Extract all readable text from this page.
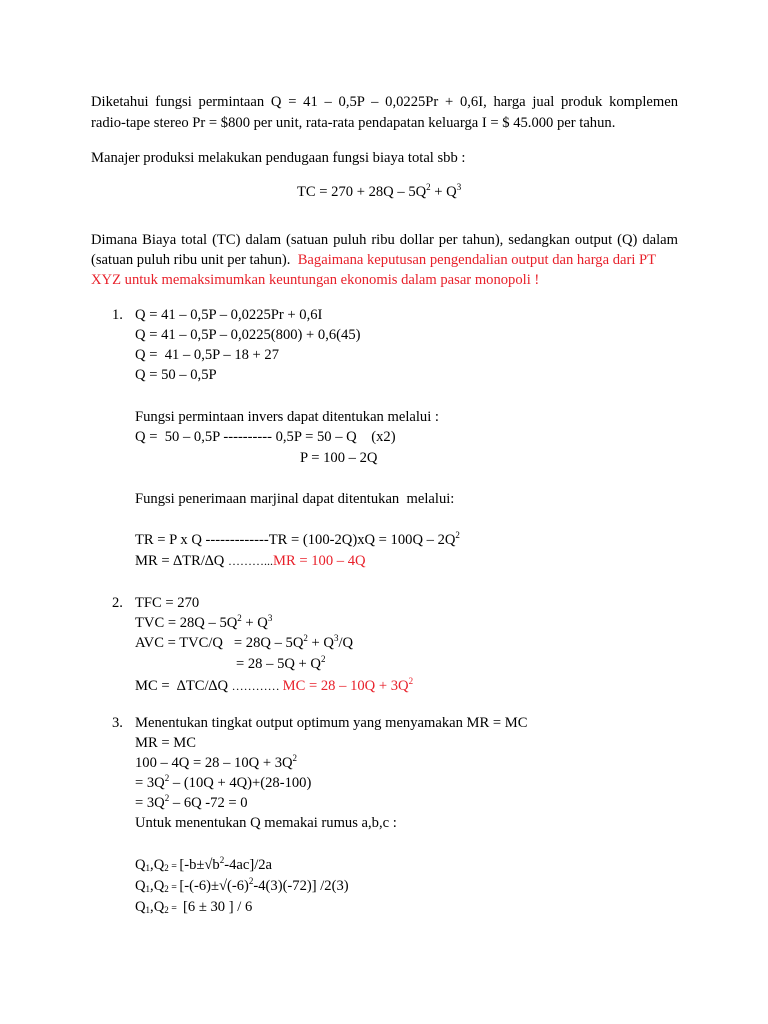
Diketahui fungsi permintaan Q = 41 – 0,5P – 0,0225Pr + 0,6I, harga jual produk komplemen
radio-tape stereo Pr = $800 per unit, rata-rata pendapatan keluarga I = $ 45.000 per tahun.
Manajer produksi melakukan pendugaan fungsi biaya total sbb :
TC = $270 + 28Q - 5Q^2 + Q^3$
Dimana Biaya total (TC) dalam (satuan puluh ribu dollar per tahun), sedangkan output (Q) dalam
(satuan puluh ribu unit per tahun). Bagaimana keputusan pengendalian output dan harga dari PT
XYZ untuk memaksimumkan keuntungan ekonomis dalam pasar monopoli !
1. Q = 41 – 0,5P – 0,0225Pr + 0,6I
Q = 41 – 0,5P – 0,0225(800) + 0,6(45)
Q =  41 – 0,5P – 18 + 27
Q = 50 – 0,5P
Fungsi permintaan invers dapat ditentukan melalui :
Q =  50 – 0,5P ---------- 0,5P = 50 – Q    (x2)
P = 100 – 2Q
Fungsi penerimaan marjinal dapat ditentukan  melalui:
TR = P x Q $-------------TR = (100-2Q)xQ = 100Q - 2Q^2$
MR = ∆TR/∆Q ………...MR = 100 – 4Q
2. TFC = 270
TVC = $28Q - 5Q^2 + Q^3$
AVC = $TVC/Q = 28Q - 5Q^2 + Q^3/Q$
= $28 - 5Q + Q^2$
MC =  ∆TC/∆Q ………… MC = $28 - 10Q + 3Q^2$
3. Menentukan tingkat output optimum yang menyamakan MR = MC
MR = MC
$100 - 4Q = 28 - 10Q + 3Q^2$
= $3Q^2 - (10Q + 4Q)+(28-100)$
= $3Q^2 - 6Q$ -72 = 0
Untuk menentukan Q memakai rumus a,b,c :
$Q_1,Q_2 = [-b\pm√b^2-4ac]/2a$
$Q_1,Q_2 = [-(-6)\pm√(-6)^2-4(3)(-72)]$ /2(3)
$Q_1,Q_2 = [6 \pm 30$ ] / 6
